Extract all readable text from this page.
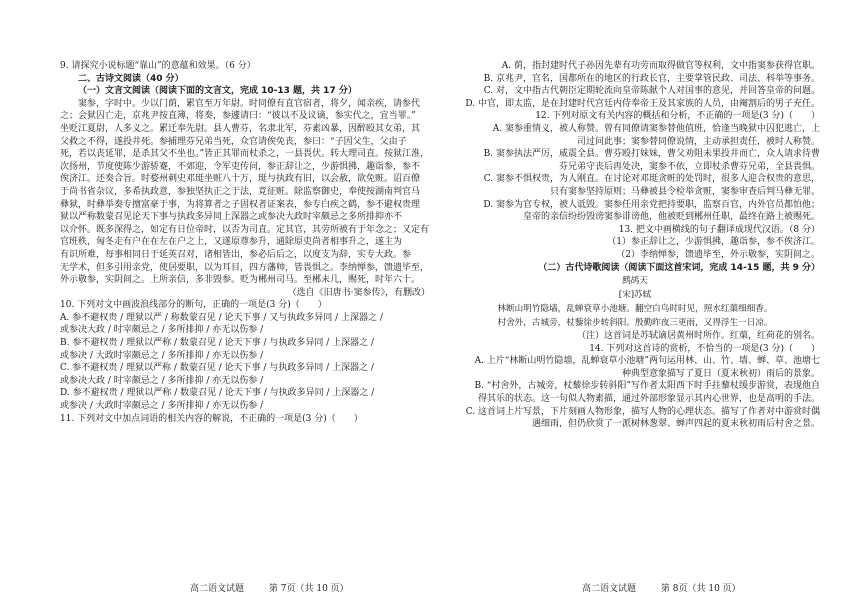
9. 请探究小说标题“靠山”的意蕴和效果。（6 分）
二、古诗文阅读（40 分）
（一）文言文阅读（阅读下面的文言文，完成 10-13 题，共 17 分）
窦参，字时中。少以门荫，累官至万年尉。时同僚有直官宿者，将夕，闻亲疾，请参代
之；会狱囚亡走，京兆尹按直簿，将奏，参遽请曰：“彼以不及议谪，参实代之，宜当罪。”
坐贬江夏尉，人多义之。累迁奉先尉。县人曹芬，名隶北军，芬素凶暴，因醉殴其女弟，其
父救之不得，遂投井死。参捕理芬兄弟当死，众官请俟免丧，参曰：“子因父生，父由子
死，若以丧延罪，是杀其父不坐也。”皆正其罪而杖杀之，一县畏伏。转大理司直。按狱江淮，
次扬州，节度使陈少游骄蹇，不郊迎，令军吏传问，参正辞让之，少游惧拂，趣诣参，参不
俟济江。还奏合旨。时婺州刺史邓珽坐赃八十万，珽与执政有旧，以会赦，欲免赃。诏百僚
于尚书省杂议，多希执政意，参独坚执正之于法，竟征赃。除监察御史，奉使按湖南判官马
彝狱，时彝举奏专擅富豪于事，为将算者之子固权者证案表，参专白疾之鹤，参不避权贵理
狱以严称数蒙召见论天下事与执政多异同上深器之或参决大政时宰颇忌之多所排抑亦不
以介怀。既多深得之，如定有日位帝时，以否为司直。定其官，其劳所被有于年念之；又定有
官班秩，匈冬走有户在在左在户之上，又遂原尊参升，通除原吏尚者相事升之，遂主为
有识所难，每事相同日于延英召对，诸相皆出，参必后后之，以度支为辞，实专大政。参
无学术，但多引用亲党，使居要职，以为耳目，四方藩帅，皆畏惧之。李纳惮参，馈遗毕至，
外示敬参，实阴间之。上所亲信，多非毁参。贬为郴州司马。至郴未几，赐死，时年六十。
（选自《旧唐书·窦参传》，有删改）
10. 下列对文中画波浪线部分的断句，正确的一项是(3 分)（　　）
A. 参不避权贵 / 理狱以严 / 称数蒙召见 / 论天下事 / 又与执政多异同 / 上深器之 /
或参决大政 / 时宰颇忌之 / 多所排抑 / 亦无以伤参 /
B. 参不避权贵 / 理狱以严称 / 数蒙召见 / 论天下事 / 与执政多异同 / 上深器之 /
或参决 / 大政时宰颇忌之 / 多所排抑 / 亦无以伤参 /
C. 参不避权贵 / 理狱以严称 / 数蒙召见 / 论天下事 / 与执政多异同 / 上深器之 /
或参决大政 / 时宰颇忌之 / 多所排抑 / 亦无以伤参 /
D. 参不避权贵 / 理狱以严称 / 数蒙召见 / 论天下事 / 与执政多异同 / 上深器之 /
或参决 / 大政时宰颇忌之 / 多所排抑 / 亦无以伤参 /
11. 下列对文中加点词语的相关内容的解说，不正确的一项是(3 分)（　　）
A. 荫，指封建时代子孙因先辈有功劳而取得做官等权利，文中指窦参获得官职。
B. 京兆尹，官名，国都所在的地区的行政长官，主要掌管民政、司法、科举等事务。
C. 对，文中指古代朝臣定期轮流向皇帝陈献个人对国事的意见，并回答皇帝的问题。
D. 中官，即太监，是在封建时代宫廷内侍奉帝王及其家族的人员，由阉割后的男子充任。
12. 下列对原文有关内容的概括和分析，不正确的一项是(3 分)（　　）
A. 窦参重情义，被人称赞。曾有同僚请窦参替他值班，恰逢当晚狱中囚犯逃亡，上
司过问此事；窦参替同僚说情，主动承担责任，被时人称赞。
B. 窦参执法严厉，威震全县。曹芬殴打妹妹，曹父劝阻未果投井而亡，众人请求待曹
芬兄弟守丧后再处决，窦参不依，立即杖杀曹芬兄弟，全县畏惧。
C. 窦参不惧权贵，为人刚直。在讨论对邓珽贪赃的处罚时，很多人迎合权贵的意思，
只有窦参坚持原则；马彝被县令检举贪赃，窦参审查后判马彝无罪。
D. 窦参为官专权，被人诋毁。窦参任用亲党把持要职，监察百官，内外官员都怕他；
皇帝的亲信纷纷毁谤窦参诽谤他，他被贬到郴州任职，最终在路上被赐死。
13. 把文中画横线的句子翻译成现代汉语。（8 分）
（1）参正辞让之，少游惧拂，趣诣参，参不俟济江。
（2）李纳惮参，馈遗毕至，外示敬参，实阴间之。
（二）古代诗歌阅读（阅读下面这首宋词，完成 14-15 题，共 9 分）
鹧鸪天
[宋]苏轼
林断山明竹隐墙，乱蝉衰草小池塘。翻空白鸟时时见，照水红蕖细细香。
村舍外，古城旁，杖藜徐步转斜阳。殷勤昨夜三更雨，又得浮生一日凉。
（注）这首词是苏轼谪居黄州时所作。红蕖，红荷花的别名。
14. 下列对这首诗的赏析，不恰当的一项是(3 分)（　　）
A. 上片“林断山明竹隐墙，乱蝉衰草小池塘”两句运用林、山、竹、墙、蝉、草、池塘七
种典型意象描写了夏日（夏末秋初）雨后的景象。
B. “村舍外，古城旁，杖藜徐步转斜阳”写作者太阳西下时手拄藜杖缓步游赏，表现他自
得其乐的状态。这一句似人物素描，通过外部形象显示其内心世界，也是高明的手法。
C. 这首词上片写景，下片刻画人物形象，描写人物的心理状态。描写了作者对中游赏时偶
遇细雨，但仍欣赏了一派树林葱翠、蝉声四起的夏末秋初雨后村舍之景。
高二语文试题	第 7页（共 10 页）	高二语文试题	第 8页（共 10 页）
